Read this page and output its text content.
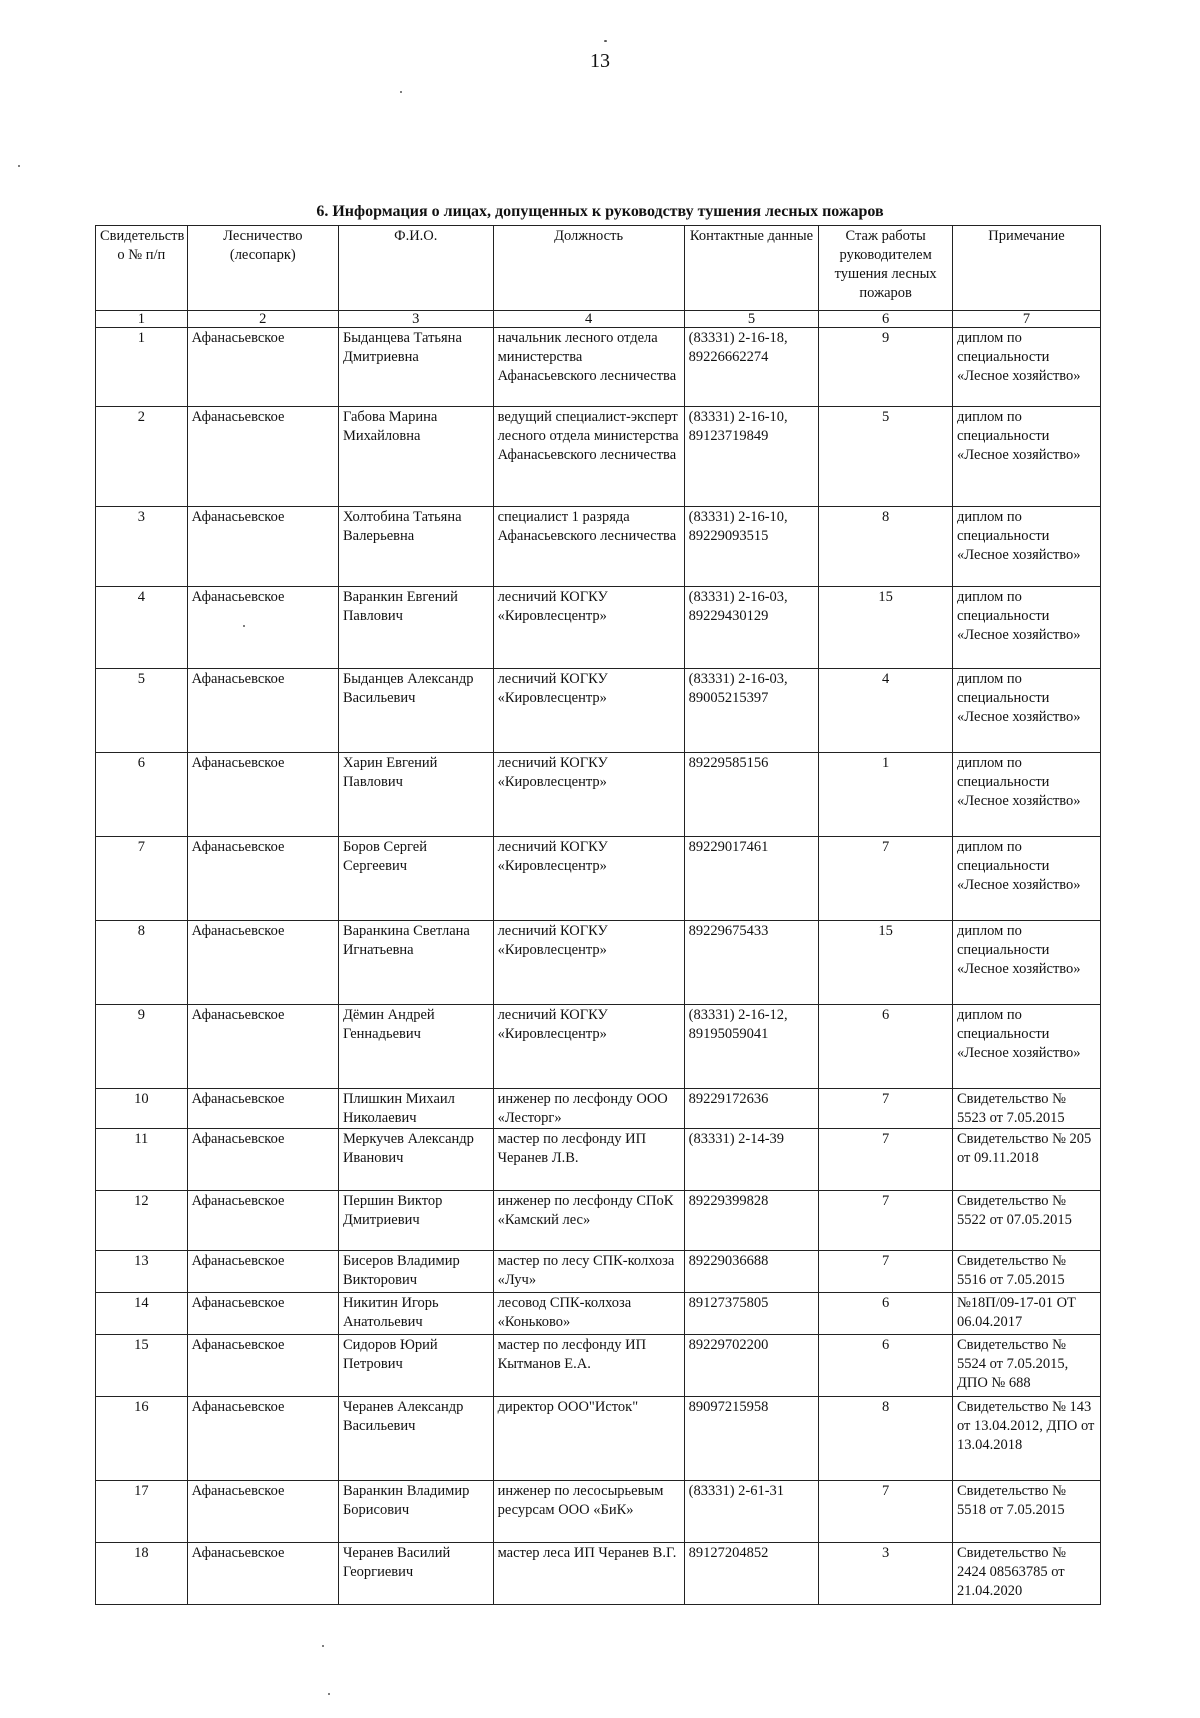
13
6. Информация о лицах, допущенных к руководству тушения лесных пожаров
Свидетельств о № п/п	Лесничество (лесопарк)	Ф.И.О.	Должность	Контактные данные	Стаж работы руководителем тушения лесных пожаров	Примечание
1	2	3	4	5	6	7
1	Афанасьевское	Быданцева Татьяна Дмитриевна	начальник лесного отдела министерства Афанасьевского лесничества	(83331) 2-16-18, 89226662274	9	диплом по специальности «Лесное хозяйство»
2	Афанасьевское	Габова Марина Михайловна	ведущий специалист-эксперт лесного отдела министерства Афанасьевского лесничества	(83331) 2-16-10, 89123719849	5	диплом по специальности «Лесное хозяйство»
3	Афанасьевское	Холтобина Татьяна Валерьевна	специалист 1 разряда Афанасьевского лесничества	(83331) 2-16-10, 89229093515	8	диплом по специальности «Лесное хозяйство»
4	Афанасьевское	Варанкин Евгений Павлович	лесничий КОГКУ «Кировлесцентр»	(83331) 2-16-03, 89229430129	15	диплом по специальности «Лесное хозяйство»
5	Афанасьевское	Быданцев Александр Васильевич	лесничий КОГКУ «Кировлесцентр»	(83331) 2-16-03, 89005215397	4	диплом по специальности «Лесное хозяйство»
6	Афанасьевское	Харин Евгений Павлович	лесничий КОГКУ «Кировлесцентр»	89229585156	1	диплом по специальности «Лесное хозяйство»
7	Афанасьевское	Боров Сергей Сергеевич	лесничий КОГКУ «Кировлесцентр»	89229017461	7	диплом по специальности «Лесное хозяйство»
8	Афанасьевское	Варанкина Светлана Игнатьевна	лесничий КОГКУ «Кировлесцентр»	89229675433	15	диплом по специальности «Лесное хозяйство»
9	Афанасьевское	Дёмин Андрей Геннадьевич	лесничий КОГКУ «Кировлесцентр»	(83331) 2-16-12, 89195059041	6	диплом по специальности «Лесное хозяйство»
10	Афанасьевское	Плишкин Михаил Николаевич	инженер по лесфонду ООО «Лесторг»	89229172636	7	Свидетельство № 5523 от 7.05.2015
11	Афанасьевское	Меркучев Александр Иванович	мастер по лесфонду ИП Черанев Л.В.	(83331) 2-14-39	7	Свидетельство № 205 от 09.11.2018
12	Афанасьевское	Першин Виктор Дмитриевич	инженер по лесфонду СПоК «Камский лес»	89229399828	7	Свидетельство № 5522 от 07.05.2015
13	Афанасьевское	Бисеров Владимир Викторович	мастер по лесу СПК-колхоза «Луч»	89229036688	7	Свидетельство № 5516 от 7.05.2015
14	Афанасьевское	Никитин Игорь Анатольевич	лесовод СПК-колхоза «Коньково»	89127375805	6	№18П/09-17-01 ОТ 06.04.2017
15	Афанасьевское	Сидоров Юрий Петрович	мастер по лесфонду ИП Кытманов Е.А.	89229702200	6	Свидетельство № 5524 от 7.05.2015, ДПО № 688
16	Афанасьевское	Черанев Александр Васильевич	директор ООО"Исток"	89097215958	8	Свидетельство № 143 от 13.04.2012, ДПО от 13.04.2018
17	Афанасьевское	Варанкин Владимир Борисович	инженер по лесосырьевым ресурсам ООО «БиК»	(83331) 2-61-31	7	Свидетельство № 5518 от 7.05.2015
18	Афанасьевское	Черанев Василий Георгиевич	мастер леса ИП Черанев В.Г.	89127204852	3	Свидетельство № 2424 08563785 от 21.04.2020
